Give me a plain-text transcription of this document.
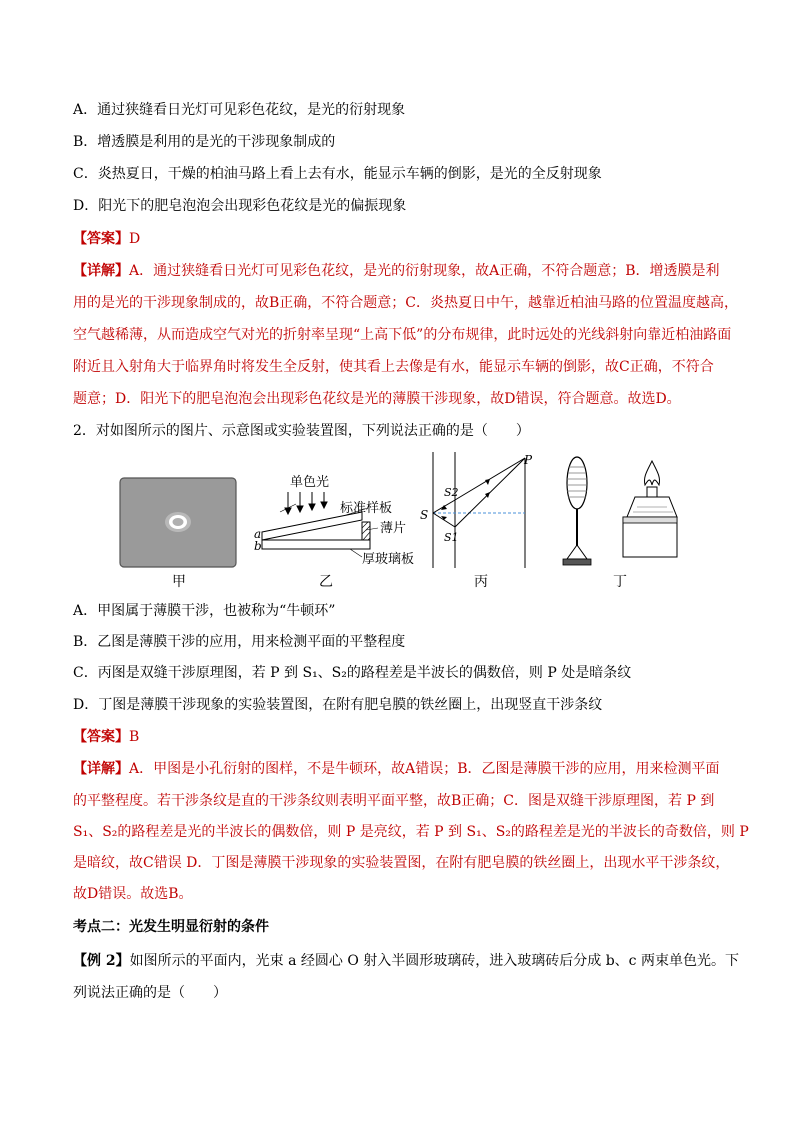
A．通过狭缝看日光灯可见彩色花纹，是光的衍射现象
B．增透膜是利用的是光的干涉现象制成的
C．炎热夏日，干燥的柏油马路上看上去有水，能显示车辆的倒影，是光的全反射现象
D．阳光下的肥皂泡泡会出现彩色花纹是光的偏振现象
【答案】D
【详解】A．通过狭缝看日光灯可见彩色花纹，是光的衍射现象，故A正确，不符合题意；B．增透膜是利
用的是光的干涉现象制成的，故B正确，不符合题意；C．炎热夏日中午，越靠近柏油马路的位置温度越高，
空气越稀薄，从而造成空气对光的折射率呈现“上高下低”的分布规律，此时远处的光线斜射向靠近柏油路面
附近且入射角大于临界角时将发生全反射，使其看上去像是有水，能显示车辆的倒影，故C正确，不符合
题意；D．阳光下的肥皂泡泡会出现彩色花纹是光的薄膜干涉现象，故D错误，符合题意。故选D。
2．对如图所示的图片、示意图或实验装置图，下列说法正确的是（　　）
单色光
标准样板
薄片
厚玻璃板
a
b
P
S
S2
S1
甲	乙	丙	丁
A．甲图属于薄膜干涉，也被称为“牛顿环”
B．乙图是薄膜干涉的应用，用来检测平面的平整程度
C．丙图是双缝干涉原理图，若 P 到 S₁、S₂的路程差是半波长的偶数倍，则 P 处是暗条纹
D．丁图是薄膜干涉现象的实验装置图，在附有肥皂膜的铁丝圈上，出现竖直干涉条纹
【答案】B
【详解】A．甲图是小孔衍射的图样，不是牛顿环，故A错误；B．乙图是薄膜干涉的应用，用来检测平面
的平整程度。若干涉条纹是直的干涉条纹则表明平面平整，故B正确；C．图是双缝干涉原理图，若 P 到
S₁、S₂的路程差是光的半波长的偶数倍，则 P 是亮纹，若 P 到 S₁、S₂的路程差是光的半波长的奇数倍，则 P
是暗纹，故C错误 D．丁图是薄膜干涉现象的实验装置图，在附有肥皂膜的铁丝圈上，出现水平干涉条纹，
故D错误。故选B。
考点二：光发生明显衍射的条件
【例 2】如图所示的平面内，光束 a 经圆心 O 射入半圆形玻璃砖，进入玻璃砖后分成 b、c 两束单色光。下
列说法正确的是（　　）
